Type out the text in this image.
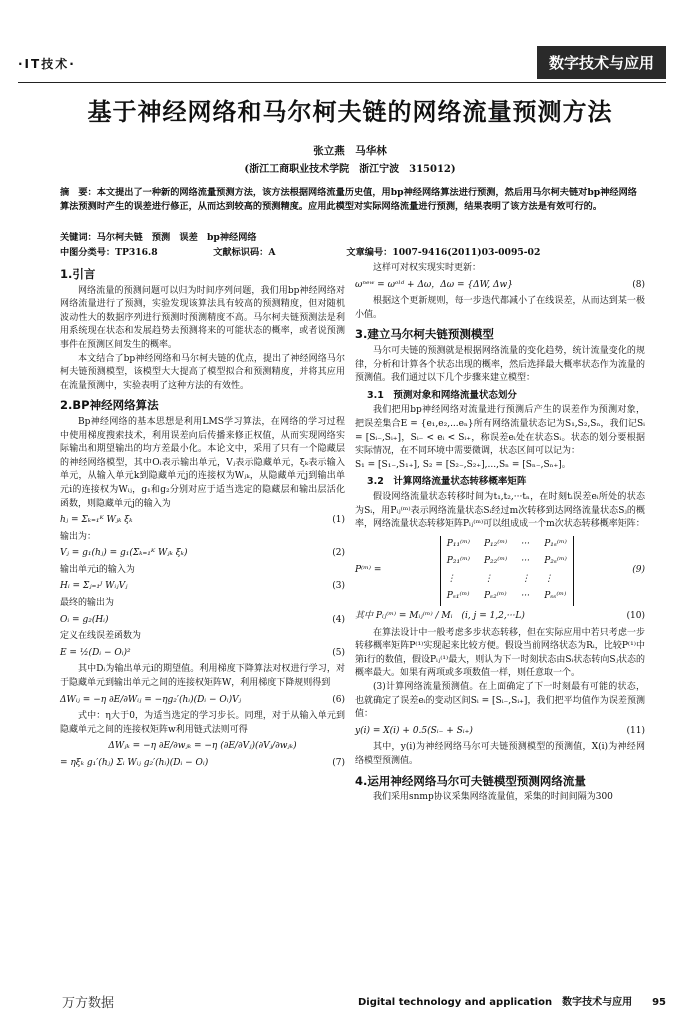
·IT技术·	数字技术与应用
基于神经网络和马尔柯夫链的网络流量预测方法
张立燕　马华林
(浙江工商职业技术学院　浙江宁波　315012)
摘　要：本文提出了一种新的网络流量预测方法，该方法根据网络流量历史值，用bp神经网络算法进行预测，然后用马尔柯夫链对bp神经网络算法预测时产生的误差进行修正，从而达到较高的预测精度。应用此模型对实际网络流量进行预测，结果表明了该方法是有效可行的。
关键词：马尔柯夫链　预测　误差　bp神经网络
中图分类号：TP316.8	文献标识码：A	文章编号：1007-9416(2011)03-0095-02
1.引言

网络流量的预测问题可以归为时间序列问题，我们用bp神经网络对网络流量进行了预测，实验发现该算法具有较高的预测精度，但对随机波动性大的数据序列进行预测时预测精度不高。马尔柯夫链预测法是利用系统现在状态和发展趋势去预测将来的可能状态的概率，或者说预测事件在预测区间发生的概率。

本文结合了bp神经网络和马尔柯夫链的优点，提出了神经网络马尔柯夫链预测模型，该模型大大提高了模型拟合和预测精度，并将其应用在流量预测中，实验表明了这种方法的有效性。

2.BP神经网络算法

Bp神经网络的基本思想是利用LMS学习算法，在网络的学习过程中使用梯度搜索技术，利用误差向后传播来修正权值，从而实现网络实际输出和期望输出的均方差最小化。本论文中，采用了只有一个隐藏层的神经网络模型，其中Oᵢ表示输出单元，Vⱼ表示隐藏单元，ξₖ表示输入单元，从输入单元k到隐藏单元j的连接权为Wⱼₖ，从隐藏单元j到输出单元i的连接权为Wᵢⱼ，g₁和g₂分别对应于适当选定的隐藏层和输出层活化函数，则隐藏单元j的输入为

hⱼ = Σₖ₌₁ᴷ Wⱼₖ ξₖ	(1)

输出为：

Vⱼ = g₁(hⱼ) = g₁(Σₖ₌₁ᴷ Wⱼₖ ξₖ)	(2)

输出单元i的输入为

Hᵢ = Σⱼ₌₁ᴶ WᵢⱼVⱼ	(3)

最终的输出为

Oᵢ = g₂(Hᵢ)	(4)

定义在线误差函数为

E = ½(Dᵢ − Oᵢ)²	(5)

其中Dᵢ为输出单元i的期望值。利用梯度下降算法对权进行学习，对于隐藏单元到输出单元之间的连接权矩阵W，利用梯度下降规则得到

ΔWᵢⱼ = −η ∂E/∂Wᵢⱼ = −ηg₂′(hᵢ)(Dᵢ − Oᵢ)Vⱼ	(6)

式中：η大于0，为适当选定的学习步长。同理，对于从输入单元到隐藏单元之间的连接权矩阵w利用链式法则可得

ΔWⱼₖ = −η ∂E/∂wⱼₖ = −η (∂E/∂Vⱼ)(∂Vⱼ/∂wⱼₖ)
= ηξₖ g₁′(hⱼ) Σᵢ Wᵢⱼ g₂′(hᵢ)(Dᵢ − Oᵢ)	(7)

这样可对权实现实时更新：

ωⁿᵉʷ = ωᵒˡᵈ + Δω，Δω = {ΔW, Δw}	(8)

根据这个更新规则，每一步迭代都减小了在线误差，从而达到某一极小值。

3.建立马尔柯夫链预测模型

马尔可夫链的预测就是根据网络流量的变化趋势，统计流量变化的规律，分析和计算各个状态出现的概率，然后选择最大概率状态作为流量的预测值。我们通过以下几个步骤来建立模型：

3.1　预测对象和网络流量状态划分

我们把用bp神经网络对流量进行预测后产生的误差作为预测对象，把误差集合E = {e₁,e₂,...eₙ}所有网络流量状态记为S₁,S₂,Sₙ，我们记Sᵢ = [Sᵢ₋,Sᵢ₊]，Sᵢ₋ < eᵢ < Sᵢ₊，称误差eᵢ处在状态Sᵢ。状态的划分要根据实际情况，在不同环境中需要微调，状态区间可以记为：

S₁ = [S₁₋,S₁₊], S₂ = [S₂₋,S₂₊],...,Sₙ = [Sₙ₋,Sₙ₊]。

3.2　计算网络流量状态转移概率矩阵

假设网络流量状态转移时间为t₁,t₂,···tₙ，在时刻tᵢ误差eᵢ所处的状态为Sᵢ，用Pᵢⱼ⁽ᵐ⁾表示网络流量状态Sᵢ经过m次转移到达网络流量状态Sⱼ的概率，网络流量状态转移矩阵Pᵢⱼ⁽ᵐ⁾可以组成成一个m次状态转移概率矩阵：

P⁽ᵐ⁾ =
P₁₁⁽ᵐ⁾ P₁₂⁽ᵐ⁾ ··· P₁ₛ⁽ᵐ⁾
P₂₁⁽ᵐ⁾ P₂₂⁽ᵐ⁾ ··· P₂ₛ⁽ᵐ⁾
⋮	⋮	⋮ ⋮
Pₛ₁⁽ᵐ⁾ Pₛ₂⁽ᵐ⁾ ··· Pₛₛ⁽ᵐ⁾
(9)
其中 Pᵢⱼ⁽ᵐ⁾ = Mᵢⱼ⁽ᵐ⁾ / Mᵢ　(i, j = 1,2,···L)	(10)

在算法设计中一般考虑多步状态转移，但在实际应用中若只考虑一步转移概率矩阵P⁽¹⁾实现起来比较方便。假设当前网络状态为Rᵢ，比较P⁽¹⁾中第i行的数值，假设Pᵢⱼ⁽¹⁾最大，则认为下一时刻状态由Sᵢ状态转向Sⱼ状态的概率最大。如果有两项或多项数值一样，则任意取一个。

(3)计算网络流量预测值。在上面确定了下一时刻最有可能的状态，也就确定了误差eᵢ的变动区间Sᵢ = [Sᵢ₋,Sᵢ₊]，我们把平均值作为误差预测值：

y(i) = X(i) + 0.5(Sᵢ₋ + Sᵢ₊)	(11)

其中，y(i)为神经网络马尔可夫链预测模型的预测值，X(i)为神经网络模型预测值。

4.运用神经网络马尔可夫链模型预测网络流量

我们采用snmp协议采集网络流量值，采集的时间间隔为300

万方数据	Digital technology and application　数字技术与应用　　95
